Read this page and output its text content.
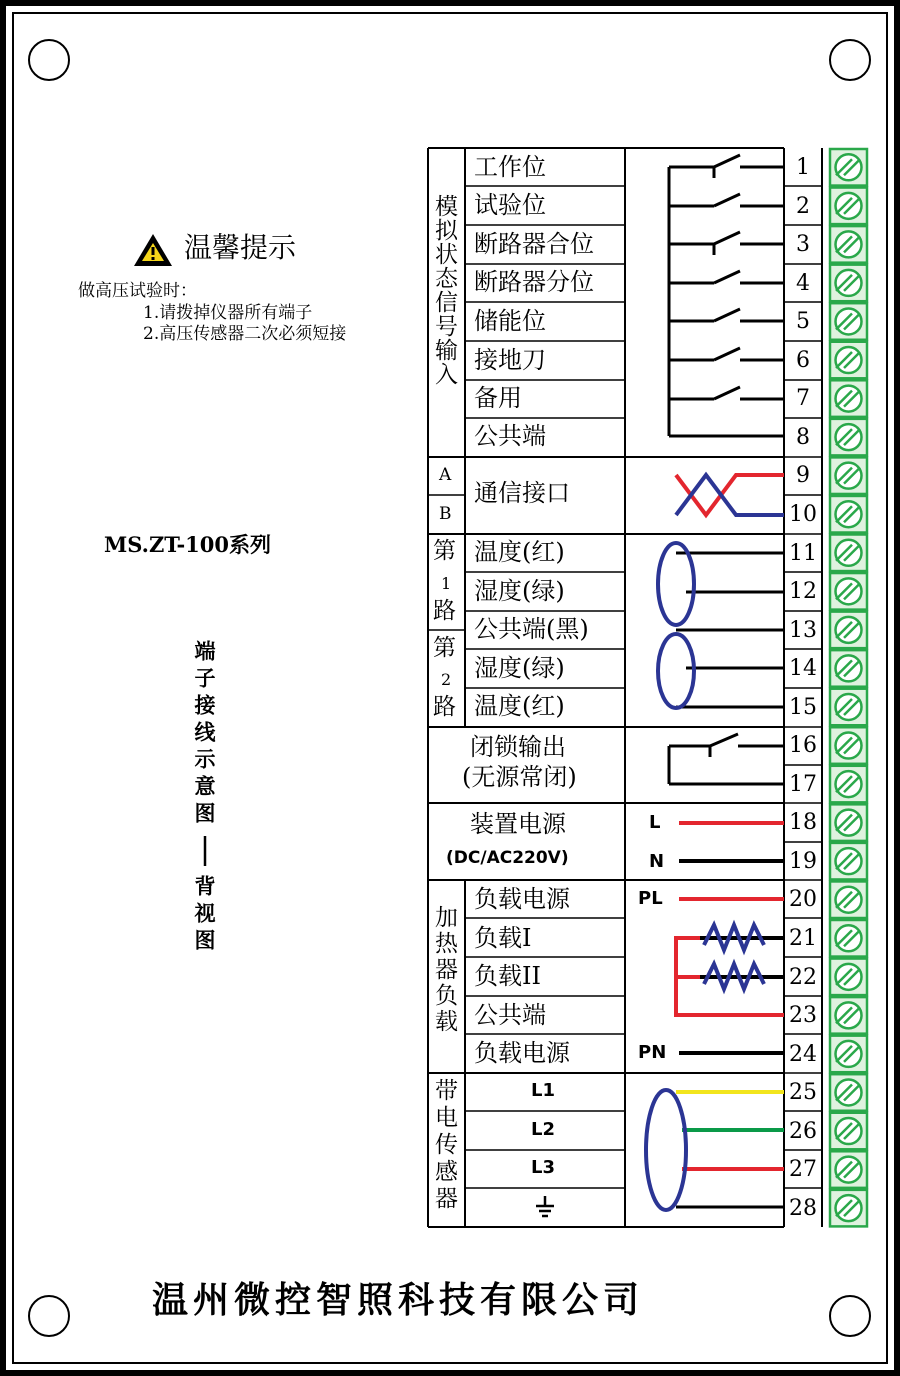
温馨提示
做高压试验时：
1.请拨掉仪器所有端子
2.高压传感器二次必须短接
MS.ZT-100系列
端子接线示意图
背视图
温州微控智照科技有限公司
模拟状态信号输入
A
B
第
1
路
第
2
路
加热器负载
带电传感器
工作位
试验位
断路器合位
断路器分位
储能位
接地刀
备用
公共端
通信接口
温度(红)
湿度(绿)
公共端(黑)
湿度(绿)
温度(红)
闭锁输出
(无源常闭)
装置电源
(DC/AC220V)
负载电源
负载I
负载II
公共端
负载电源
L1
L2
L3
L
N
PL
PN
1
2
3
4
5
6
7
8
9
10
11
12
13
14
15
16
17
18
19
20
21
22
23
24
25
26
27
28
